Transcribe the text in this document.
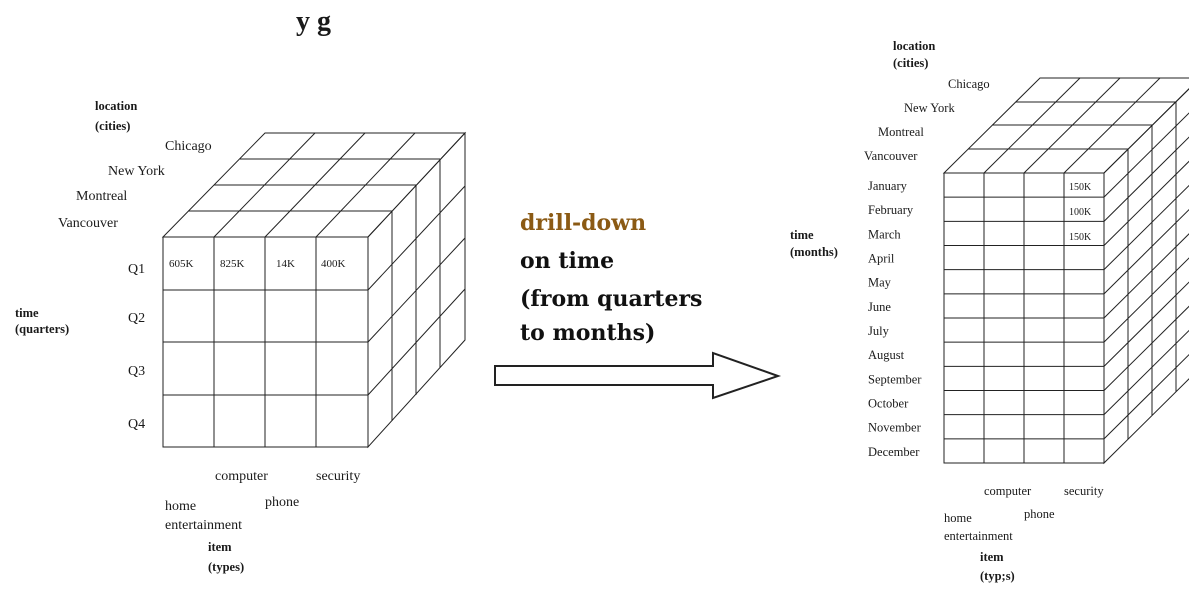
y g
location
(cities)
Chicago
New York
Montreal
Vancouver
time
(quarters)
Q1
Q2
Q3
Q4
605K 825K	14K 400K
computer	security
home	phone
entertainment
item
(types)
drill-down
on time
(from quarters
to months)
location
(cities)
Chicago
New York
Montreal
Vancouver
time
(months)
January
February
March
April
May
June
July
August
September
October
November
December
150K
100K
150K
computer	security
home	phone
entertainment
item
(typ;s)
